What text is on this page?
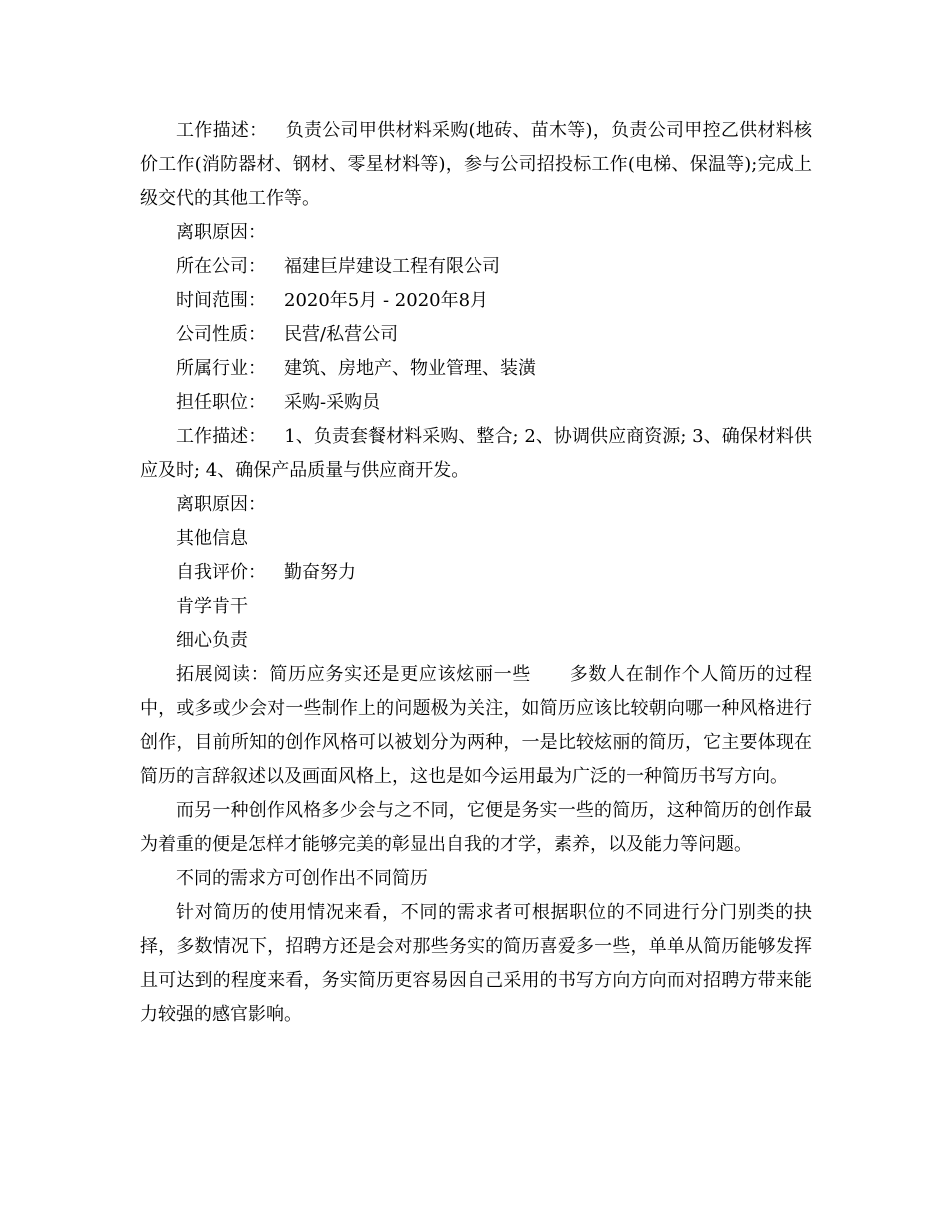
工作描述： 负责公司甲供材料采购(地砖、苗木等)，负责公司甲控乙供材料核价工作(消防器材、钢材、零星材料等)，参与公司招投标工作(电梯、保温等);完成上级交代的其他工作等。

离职原因：

所在公司： 福建巨岸建设工程有限公司

时间范围： 2020年5月 - 2020年8月

公司性质： 民营/私营公司

所属行业： 建筑、房地产、物业管理、装潢

担任职位： 采购-采购员

工作描述： 1、负责套餐材料采购、整合; 2、协调供应商资源; 3、确保材料供应及时; 4、确保产品质量与供应商开发。

离职原因：

其他信息

自我评价： 勤奋努力

肯学肯干

细心负责

拓展阅读：简历应务实还是更应该炫丽一些 多数人在制作个人简历的过程中，或多或少会对一些制作上的问题极为关注，如简历应该比较朝向哪一种风格进行创作，目前所知的创作风格可以被划分为两种，一是比较炫丽的简历，它主要体现在简历的言辞叙述以及画面风格上，这也是如今运用最为广泛的一种简历书写方向。

而另一种创作风格多少会与之不同，它便是务实一些的简历，这种简历的创作最为着重的便是怎样才能够完美的彰显出自我的才学，素养，以及能力等问题。

不同的需求方可创作出不同简历

针对简历的使用情况来看，不同的需求者可根据职位的不同进行分门别类的抉择，多数情况下，招聘方还是会对那些务实的简历喜爱多一些，单单从简历能够发挥且可达到的程度来看，务实简历更容易因自己采用的书写方向方向而对招聘方带来能力较强的感官影响。
